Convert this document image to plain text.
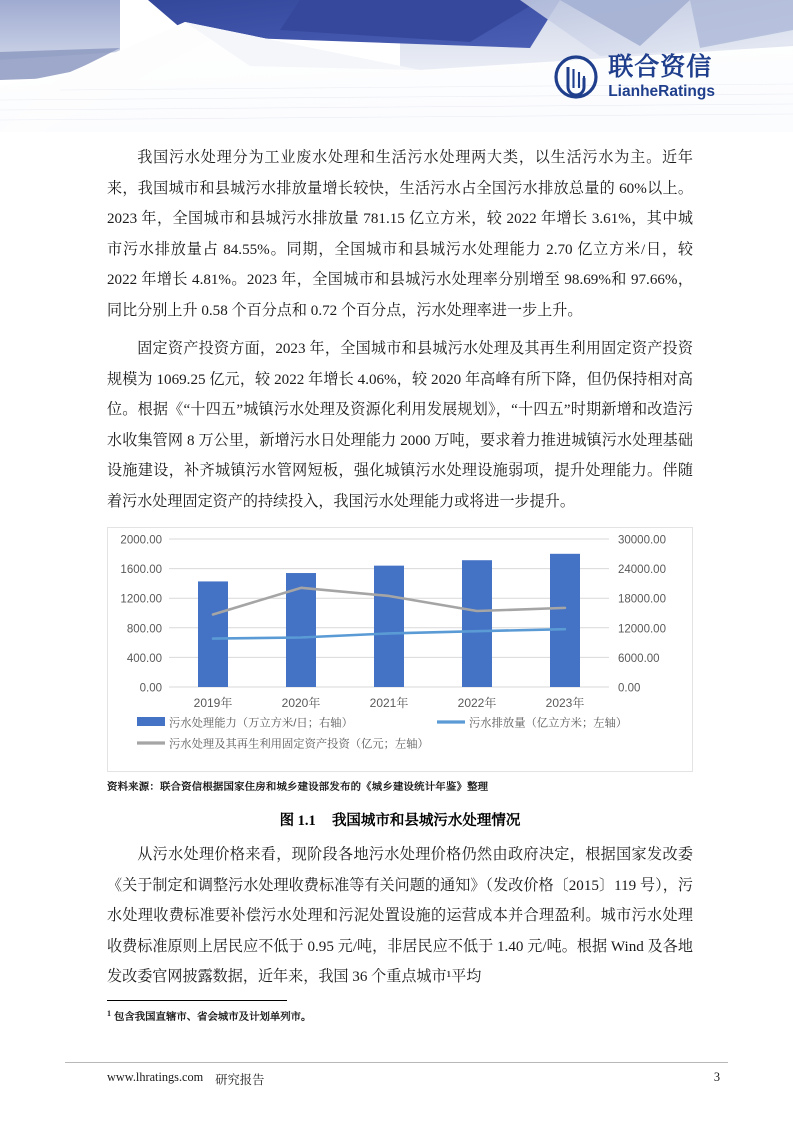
联合资信
LianheRatings

我国污水处理分为工业废水处理和生活污水处理两大类，以生活污水为主。近年来，我国城市和县城污水排放量增长较快，生活污水占全国污水排放总量的 60%以上。2023 年，全国城市和县城污水排放量 781.15 亿立方米，较 2022 年增长 3.61%，其中城市污水排放量占 84.55%。同期，全国城市和县城污水处理能力 2.70 亿立方米/日，较 2022 年增长 4.81%。2023 年，全国城市和县城污水处理率分别增至 98.69%和 97.66%，同比分别上升 0.58 个百分点和 0.72 个百分点，污水处理率进一步上升。

固定资产投资方面，2023 年，全国城市和县城污水处理及其再生利用固定资产投资规模为 1069.25 亿元，较 2022 年增长 4.06%，较 2020 年高峰有所下降，但仍保持相对高位。根据《“十四五”城镇污水处理及资源化利用发展规划》，“十四五”时期新增和改造污水收集管网 8 万公里，新增污水日处理能力 2000 万吨，要求着力推进城镇污水处理基础设施建设，补齐城镇污水管网短板，强化城镇污水处理设施弱项，提升处理能力。伴随着污水处理固定资产的持续投入，我国污水处理能力或将进一步提升。

0.00	0.00
400.00	6000.00
800.00	12000.00
1200.00	18000.00
1600.00	24000.00
2000.00	30000.00
2019年	2020年	2021年	2022年	2023年
污水处理能力（万立方米/日；右轴）	污水排放量（亿立方米；左轴）
污水处理及其再生利用固定资产投资（亿元；左轴）
资料来源：联合资信根据国家住房和城乡建设部发布的《城乡建设统计年鉴》整理
图 1.1 我国城市和县城污水处理情况

从污水处理价格来看，现阶段各地污水处理价格仍然由政府决定，根据国家发改委《关于制定和调整污水处理收费标准等有关问题的通知》（发改价格〔2015〕119 号），污水处理收费标准要补偿污水处理和污泥处置设施的运营成本并合理盈利。城市污水处理收费标准原则上居民应不低于 0.95 元/吨，非居民应不低于 1.40 元/吨。根据 Wind 及各地发改委官网披露数据，近年来，我国 36 个重点城市¹平均

$^1$ 包含我国直辖市、省会城市及计划单列市。
www.lhratings.com 研究报告	3
